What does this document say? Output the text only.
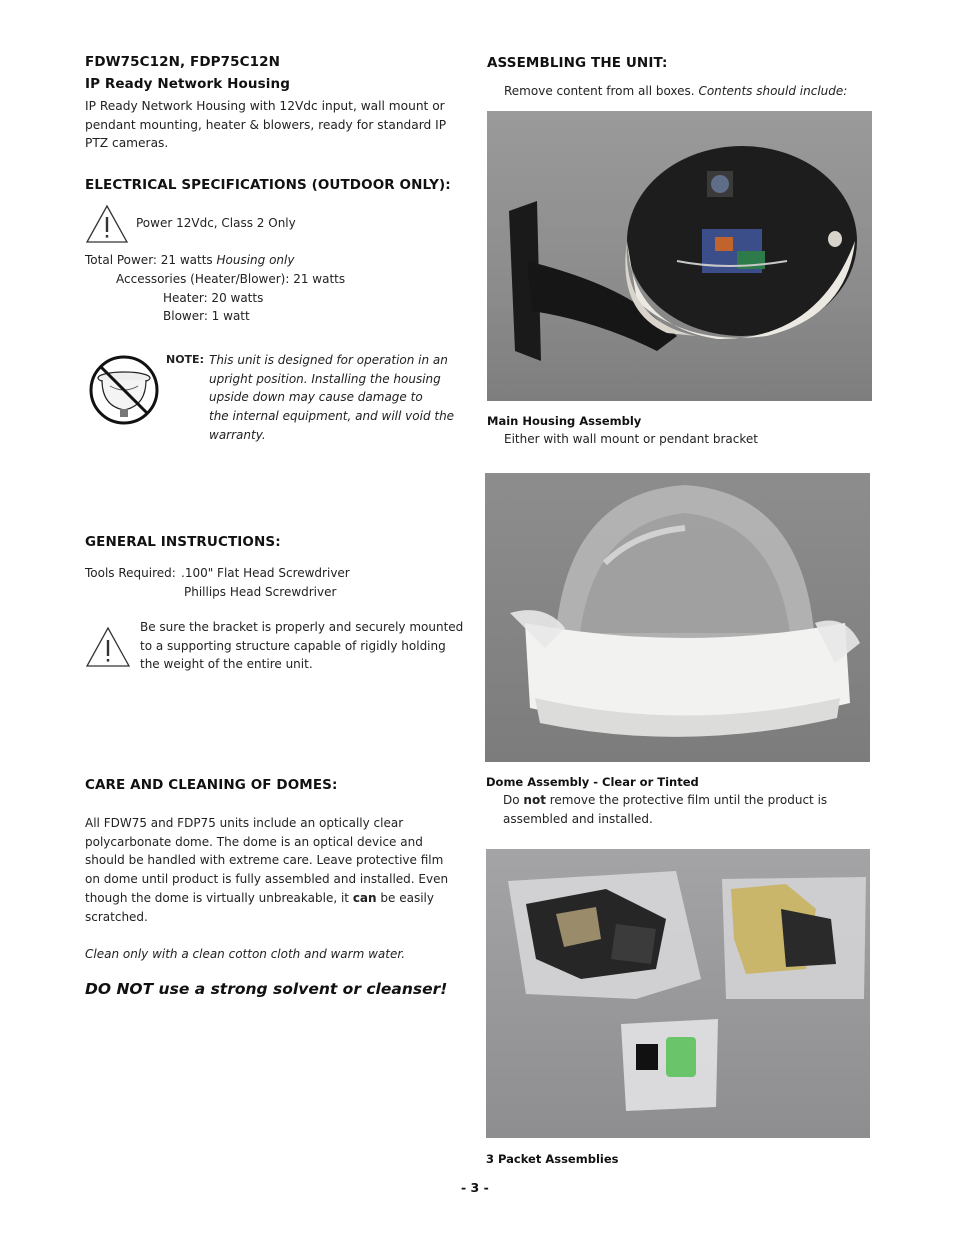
FDW75C12N, FDP75C12N
IP Ready Network Housing
IP Ready Network Housing with 12Vdc input, wall mount or pendant mounting, heater & blowers, ready for standard IP PTZ cameras.
ELECTRICAL SPECIFICATIONS (OUTDOOR ONLY):
Power 12Vdc, Class 2 Only
Total Power: 21 watts Housing only
Accessories (Heater/Blower): 21 watts
Heater: 20 watts
Blower: 1 watt
NOTE: This unit is designed for operation in an
upright position. Installing the housing
upside down may cause damage to
the internal equipment, and will void the
warranty.
GENERAL INSTRUCTIONS:
Tools Required: .100" Flat Head Screwdriver
Phillips Head Screwdriver
Be sure the bracket is properly and securely mounted
to a supporting structure capable of rigidly holding
the weight of the entire unit.
CARE AND CLEANING OF DOMES:
All FDW75 and FDP75 units include an optically clear
polycarbonate dome. The dome is an optical device and
should be handled with extreme care. Leave protective film
on dome until product is fully assembled and installed. Even
though the dome is virtually unbreakable, it can be easily
scratched.
Clean only with a clean cotton cloth and warm water.
DO NOT use a strong solvent or cleanser!
ASSEMBLING THE UNIT:
Remove content from all boxes. Contents should include:
Main Housing Assembly
Either with wall mount or pendant bracket
Dome Assembly - Clear or Tinted
Do not remove the protective film until the product is
assembled and installed.
3 Packet Assemblies
- 3 -
